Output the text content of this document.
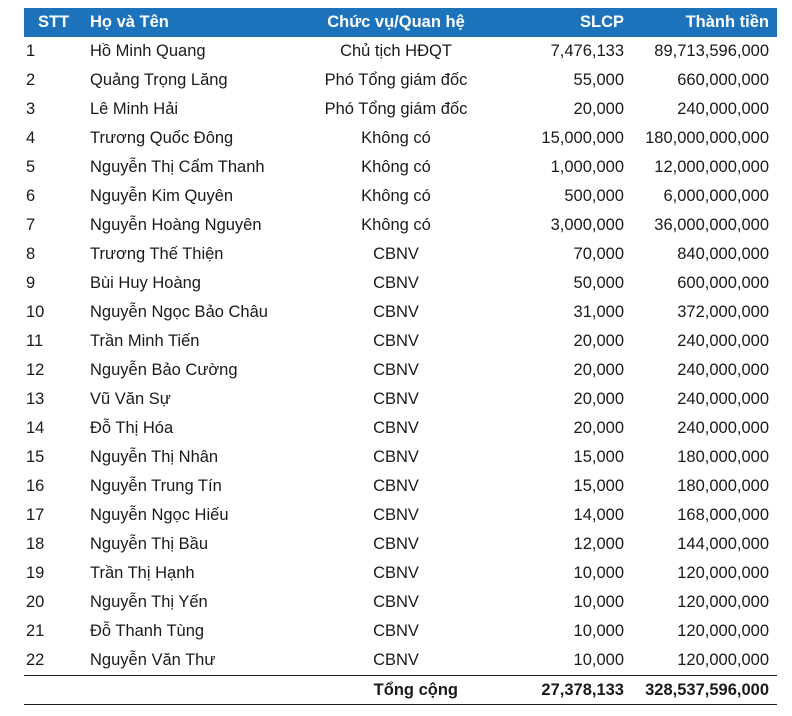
STT	Họ và Tên	Chức vụ/Quan hệ	SLCP	Thành tiền
1	Hồ Minh Quang	Chủ tịch HĐQT	7,476,133	89,713,596,000
2	Quảng Trọng Lăng	Phó Tổng giám đốc	55,000	660,000,000
3	Lê Minh Hải	Phó Tổng giám đốc	20,000	240,000,000
4	Trương Quốc Đông	Không có	15,000,000	180,000,000,000
5	Nguyễn Thị Cẩm Thanh	Không có	1,000,000	12,000,000,000
6	Nguyễn Kim Quyên	Không có	500,000	6,000,000,000
7	Nguyễn Hoàng Nguyên	Không có	3,000,000	36,000,000,000
8	Trương Thế Thiện	CBNV	70,000	840,000,000
9	Bùi Huy Hoàng	CBNV	50,000	600,000,000
10	Nguyễn Ngọc Bảo Châu	CBNV	31,000	372,000,000
11	Trần Minh Tiến	CBNV	20,000	240,000,000
12	Nguyễn Bảo Cường	CBNV	20,000	240,000,000
13	Vũ Văn Sự	CBNV	20,000	240,000,000
14	Đỗ Thị Hóa	CBNV	20,000	240,000,000
15	Nguyễn Thị Nhân	CBNV	15,000	180,000,000
16	Nguyễn Trung Tín	CBNV	15,000	180,000,000
17	Nguyễn Ngọc Hiếu	CBNV	14,000	168,000,000
18	Nguyễn Thị Bầu	CBNV	12,000	144,000,000
19	Trần Thị Hạnh	CBNV	10,000	120,000,000
20	Nguyễn Thị Yến	CBNV	10,000	120,000,000
21	Đỗ Thanh Tùng	CBNV	10,000	120,000,000
22	Nguyễn Văn Thư	CBNV	10,000	120,000,000
Tổng cộng			27,378,133	328,537,596,000
